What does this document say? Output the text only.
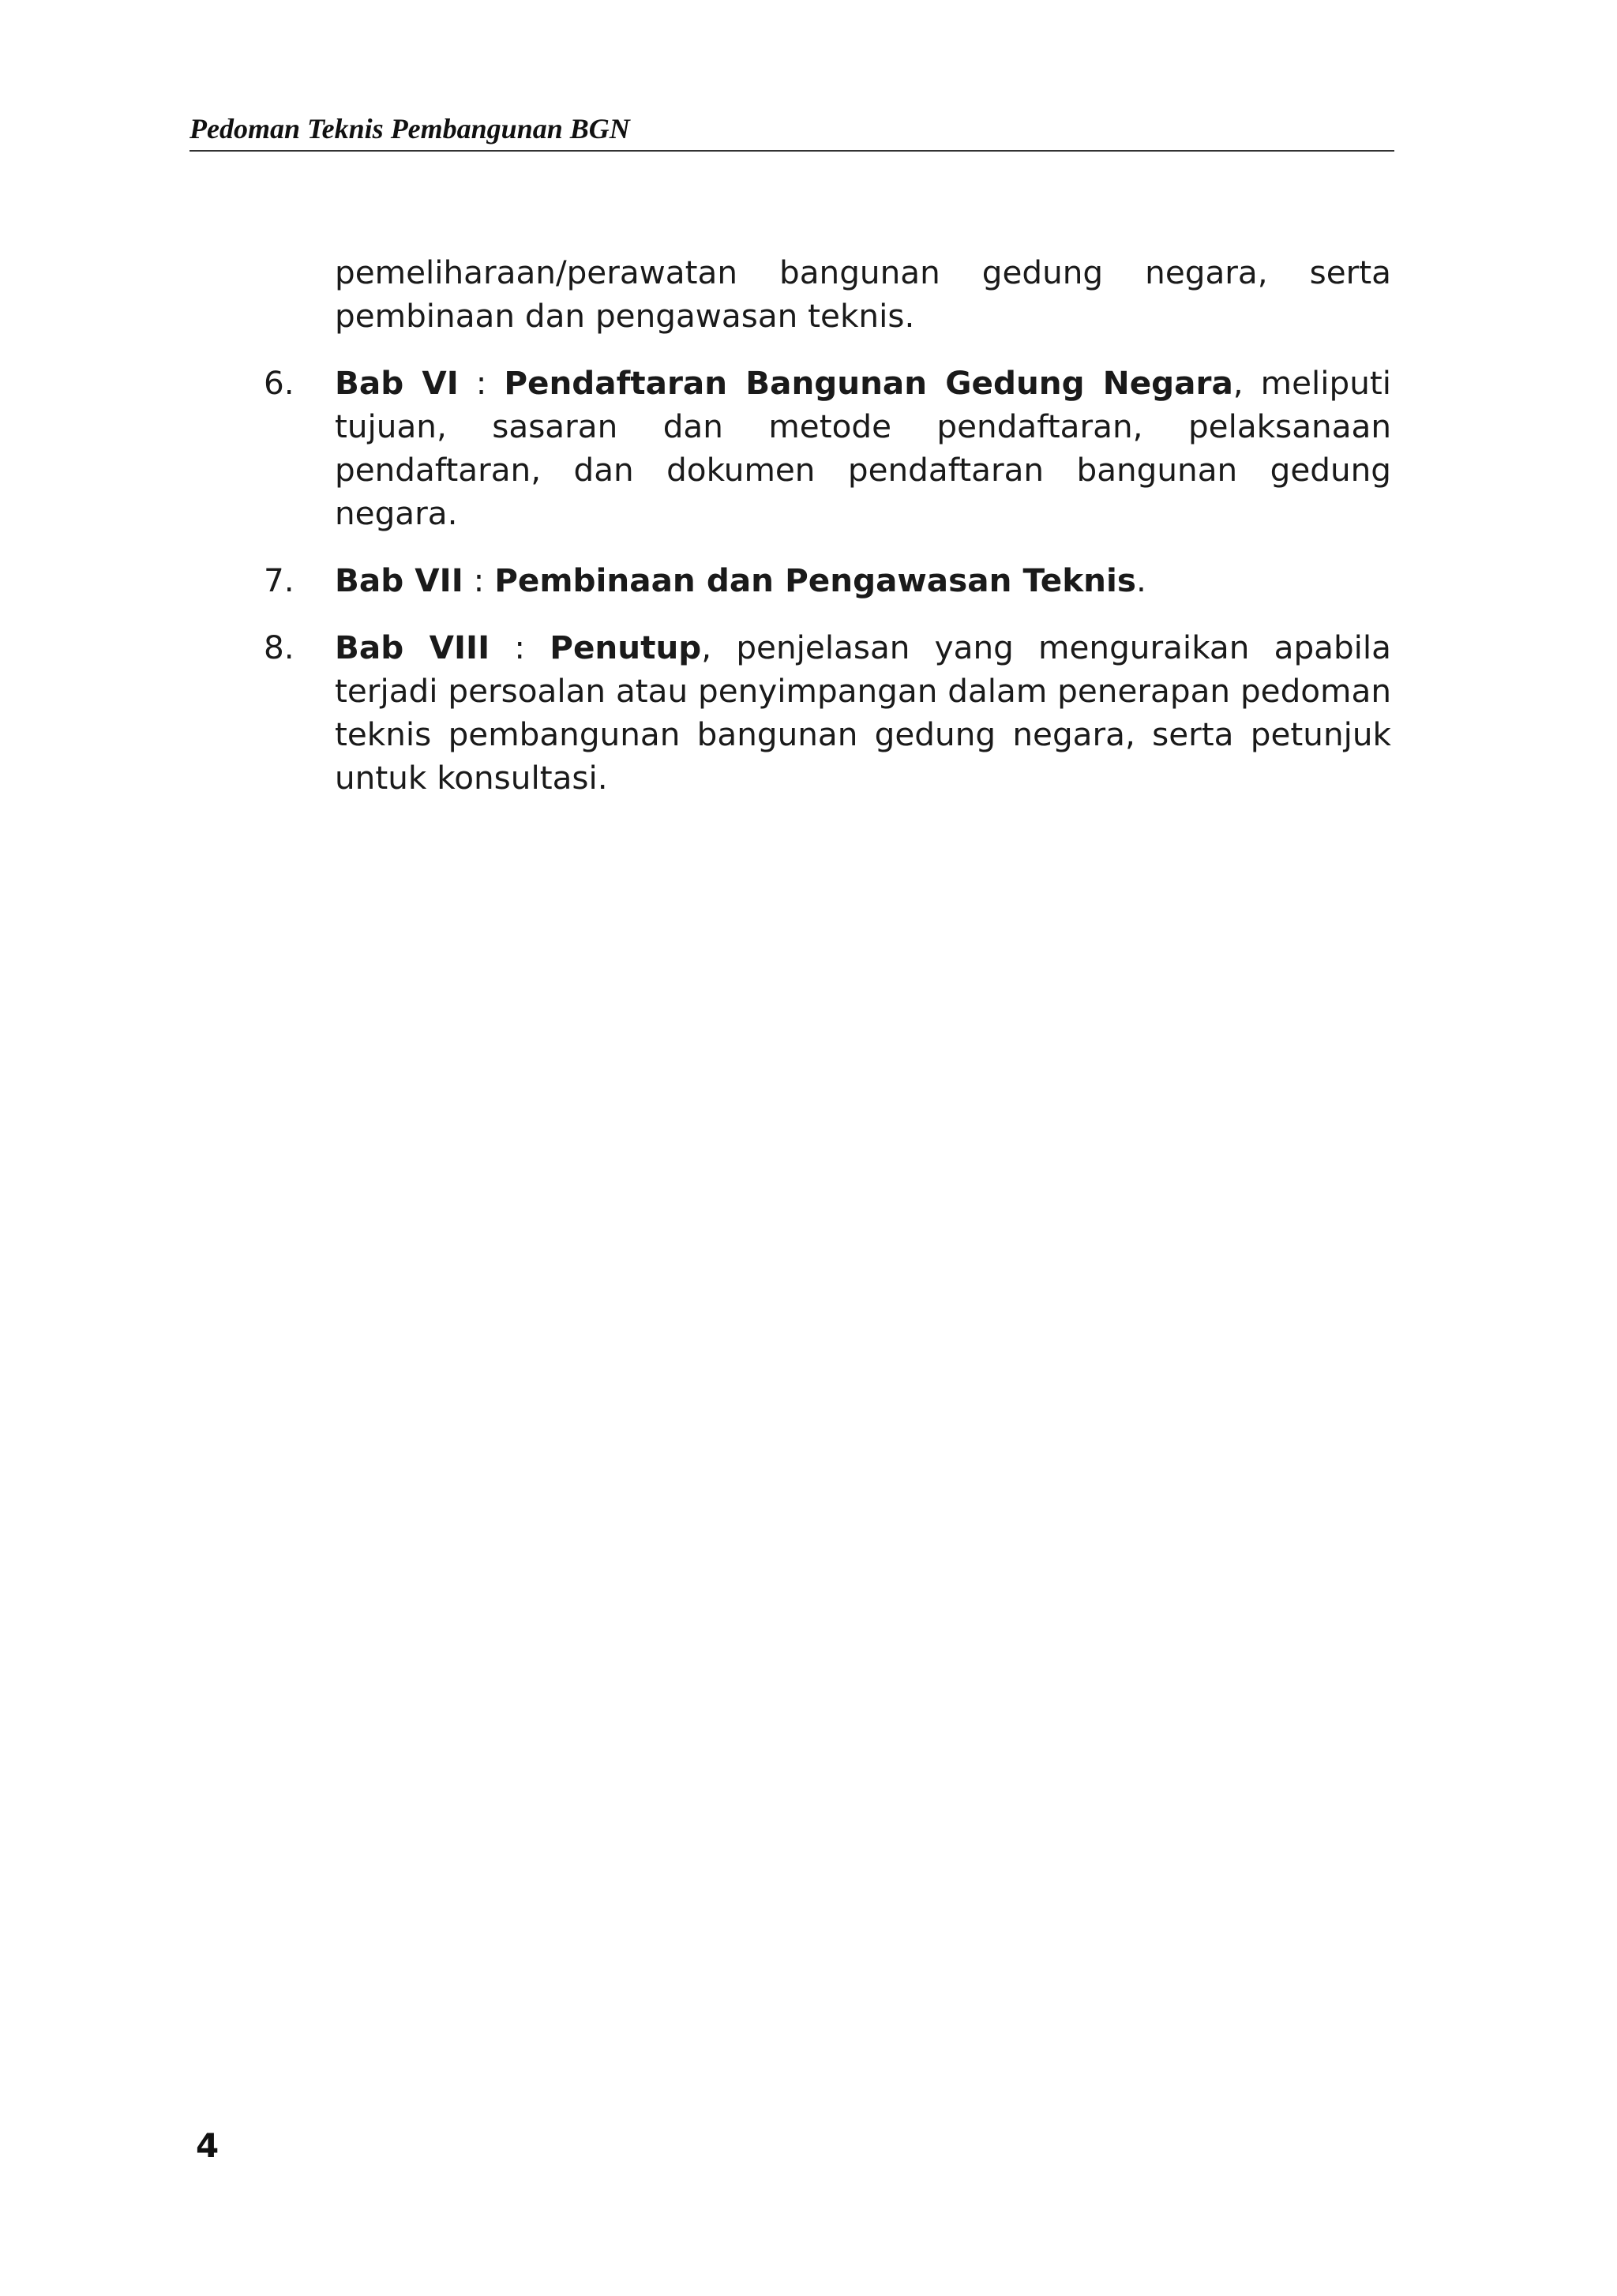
Pedoman Teknis Pembangunan BGN

pemeliharaan/perawatan bangunan gedung negara, serta pembinaan dan pengawasan teknis.

6. Bab VI : Pendaftaran Bangunan Gedung Negara, meliputi tujuan, sasaran dan metode pendaftaran, pelaksanaan pendaftaran, dan dokumen pendaftaran bangunan gedung negara.
7. Bab VII : Pembinaan dan Pengawasan Teknis.
8. Bab VIII : Penutup, penjelasan yang menguraikan apabila terjadi persoalan atau penyimpangan dalam penerapan pedoman teknis pembangunan bangunan gedung negara, serta petunjuk untuk konsultasi.
4
